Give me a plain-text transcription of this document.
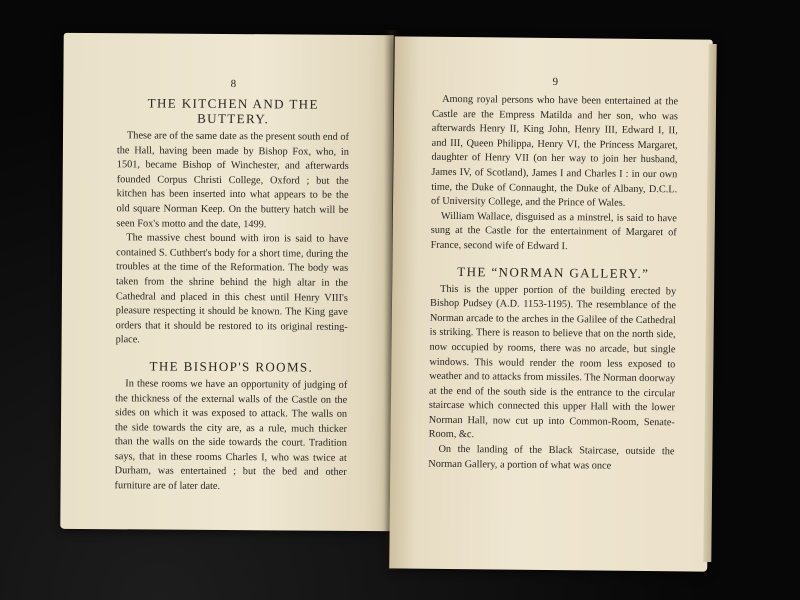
8
THE KITCHEN AND THE BUTTERY.

These are of the same date as the present south end of the Hall, having been made by Bishop Fox, who, in 1501, became Bishop of Winchester, and afterwards founded Corpus Christi College, Oxford ; but the kitchen has been inserted into what appears to be the old square Norman Keep. On the buttery hatch will be seen Fox's motto and the date, 1499.

The massive chest bound with iron is said to have contained S. Cuthbert's body for a short time, during the troubles at the time of the Reformation. The body was taken from the shrine behind the high altar in the Cathedral and placed in this chest until Henry VIII's pleasure respecting it should be known. The King gave orders that it should be restored to its original resting-place.

THE BISHOP'S ROOMS.

In these rooms we have an opportunity of judging of the thickness of the external walls of the Castle on the sides on which it was exposed to attack. The walls on the side towards the city are, as a rule, much thicker than the walls on the side towards the court. Tradition says, that in these rooms Charles I, who was twice at Durham, was entertained ; but the bed and other furniture are of later date.

9

Among royal persons who have been entertained at the Castle are the Empress Matilda and her son, who was afterwards Henry II, King John, Henry III, Edward I, II, and III, Queen Philippa, Henry VI, the Princess Margaret, daughter of Henry VII (on her way to join her husband, James IV, of Scotland), James I and Charles I : in our own time, the Duke of Connaught, the Duke of Albany, D.C.L. of University College, and the Prince of Wales.

William Wallace, disguised as a minstrel, is said to have sung at the Castle for the entertainment of Margaret of France, second wife of Edward I.

THE “NORMAN GALLERY.”

This is the upper portion of the building erected by Bishop Pudsey (A.D. 1153-1195). The resemblance of the Norman arcade to the arches in the Galilee of the Cathedral is striking. There is reason to believe that on the north side, now occupied by rooms, there was no arcade, but single windows. This would render the room less exposed to weather and to attacks from missiles. The Norman doorway at the end of the south side is the entrance to the circular staircase which connected this upper Hall with the lower Norman Hall, now cut up into Common-Room, Senate-Room, &c.

On the landing of the Black Staircase, outside the Norman Gallery, a portion of what was once
